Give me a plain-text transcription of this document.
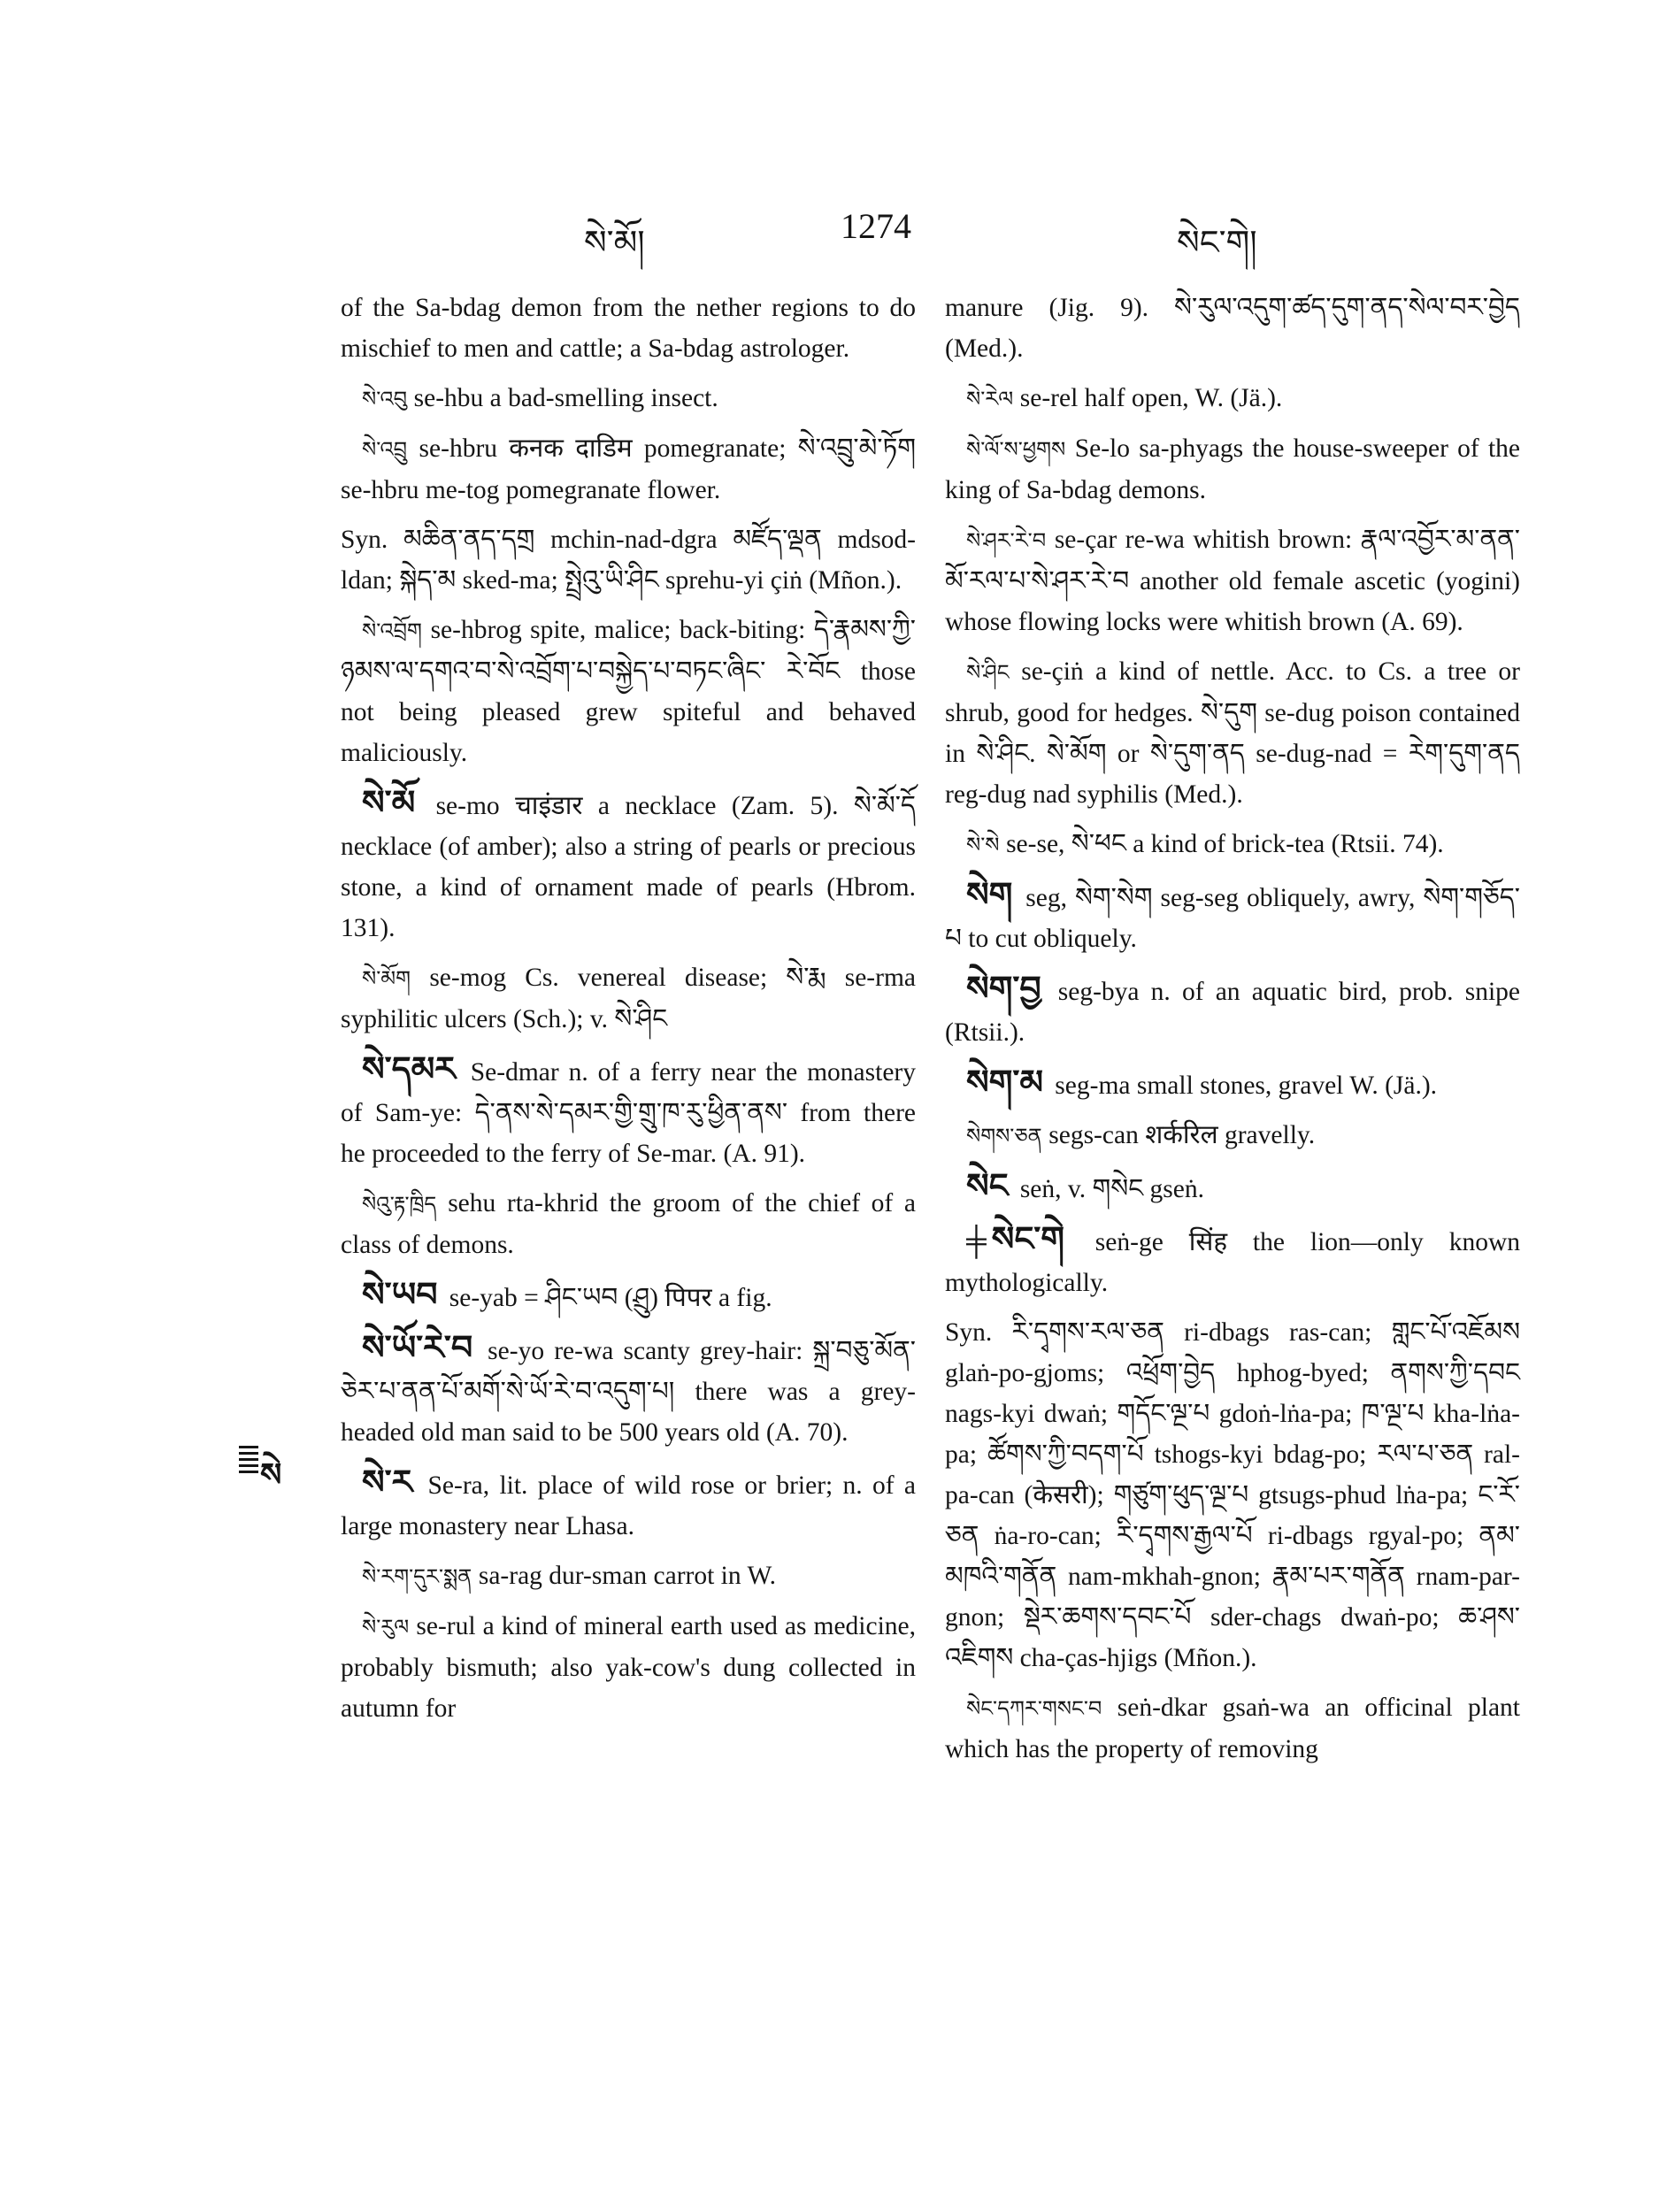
སེ་མོ།	1274	སེང་གེ།
སེ

of the Sa-bdag demon from the nether regions to do mischief to men and cattle; a Sa-bdag astrologer.

སེ་འབུ se-hbu a bad-smelling insect.

སེ་འབྲུ se-hbru कनक दाडिम pomegranate; སེ་འབྲུ་མེ་ཏོག se-hbru me-tog pomegranate flower.

Syn. མཆིན་ནད་དགྲ mchin-nad-dgra མཛོད་ལྡན mdsod-ldan; སྐེད་མ sked-ma; སྤྲེའུ་ཡི་ཤིང sprehu-yi çiṅ (Mñon.).

སེ་འབྲོག se-hbrog spite, malice; back-biting: དེ་རྣམས་ཀྱི་ཉམས་ལ་དགའ་བ་སེ་འབྲོག་པ་བསྐྱེད་པ་བཏང་ཞིང་ རེ་བོང those not being pleased grew spiteful and behaved maliciously.

སེ་མོ se-mo चाइंडार a necklace (Zam. 5). སེ་མོ་དོ necklace (of amber); also a string of pearls or precious stone, a kind of ornament made of pearls (Hbrom. 131).

སེ་མོག se-mog Cs. venereal disease; སེ་རྨ se-rma syphilitic ulcers (Sch.); v. སེ་ཤིང

སེ་དམར Se-dmar n. of a ferry near the monastery of Sam-ye: དེ་ནས་སེ་དམར་གྱི་གྲུ་ཁ་རུ་ཕྱིན་ནས་ from there he proceeded to the ferry of Se-mar. (A. 91).

སེའུ་རྟ་ཁྲིད sehu rta-khrid the groom of the chief of a class of demons.

སེ་ཡབ se-yab = ཤིང་ཡབ (ཤྲུ) पिपर a fig.

སེ་ཡོ་རེ་བ se-yo re-wa scanty grey-hair: སྐྲ་བཅུ་མོན་ཅེར་པ་ནན་པོ་མགོ་སེ་ཡོ་རེ་བ་འདུག་པ། there was a grey-headed old man said to be 500 years old (A. 70).

སེ་ར Se-ra, lit. place of wild rose or brier; n. of a large monastery near Lhasa.

སེ་རག་དུར་སྨན sa-rag dur-sman carrot in W.

སེ་རུལ se-rul a kind of mineral earth used as medicine, probably bismuth; also yak-cow's dung collected in autumn for

manure (Jig. 9). སེ་རུལ་འདུག་ཚད་དུག་ནད་སེལ་བར་བྱེད (Med.).

སེ་རེལ se-rel half open, W. (Jä.).

སེ་ལོ་ས་ཕྱགས Se-lo sa-phyags the house-sweeper of the king of Sa-bdag demons.

སེ་ཤར་རེ་བ se-çar re-wa whitish brown: རྣལ་འབྱོར་མ་ནན་མོ་རལ་པ་སེ་ཤར་རེ་བ another old female ascetic (yogini) whose flowing locks were whitish brown (A. 69).

སེ་ཤིང se-çiṅ a kind of nettle. Acc. to Cs. a tree or shrub, good for hedges. སེ་དུག se-dug poison contained in སེ་ཤིང. སེ་མོག or སེ་དུག་ནད se-dug-nad = རེག་དུག་ནད reg-dug nad syphilis (Med.).

སེ་སེ se-se, སེ་ཕང a kind of brick-tea (Rtsii. 74).

སེག seg, སེག་སེག seg-seg obliquely, awry, སེག་གཅོད་པ to cut obliquely.

སེག་བྱ seg-bya n. of an aquatic bird, prob. snipe (Rtsii.).

སེག་མ seg-ma small stones, gravel W. (Jä.).

སེགས་ཅན segs-can शर्करिल gravelly.

སེང seṅ, v. གསེང gseṅ.

╪ སེང་གེ seṅ-ge सिंह the lion—only known mythologically.

Syn. རི་དྭགས་རལ་ཅན ri-dbags ras-can; གླང་པོ་འཇོམས glaṅ-po-gjoms; འཕྲོག་བྱེད hphog-byed; ནགས་ཀྱི་དབང nags-kyi dwaṅ; གདོང་ལྔ་པ gdoṅ-lṅa-pa; ཁ་ལྔ་པ kha-lṅa-pa; ཚོགས་ཀྱི་བདག་པོ tshogs-kyi bdag-po; རལ་པ་ཅན ral-pa-can (केसरी); གཙུག་ཕུད་ལྔ་པ gtsugs-phud lṅa-pa; ང་རོ་ཅན ṅa-ro-can; རི་དྭགས་རྒྱལ་པོ ri-dbags rgyal-po; ནམ་མཁའི་གནོན nam-mkhah-gnon; རྣམ་པར་གནོན rnam-par-gnon; སྡེར་ཆགས་དབང་པོ sder-chags dwaṅ-po; ཆ་ཤས་འཇིགས cha-ças-hjigs (Mñon.).

སེང་དཀར་གསང་བ seṅ-dkar gsaṅ-wa an officinal plant which has the property of removing
